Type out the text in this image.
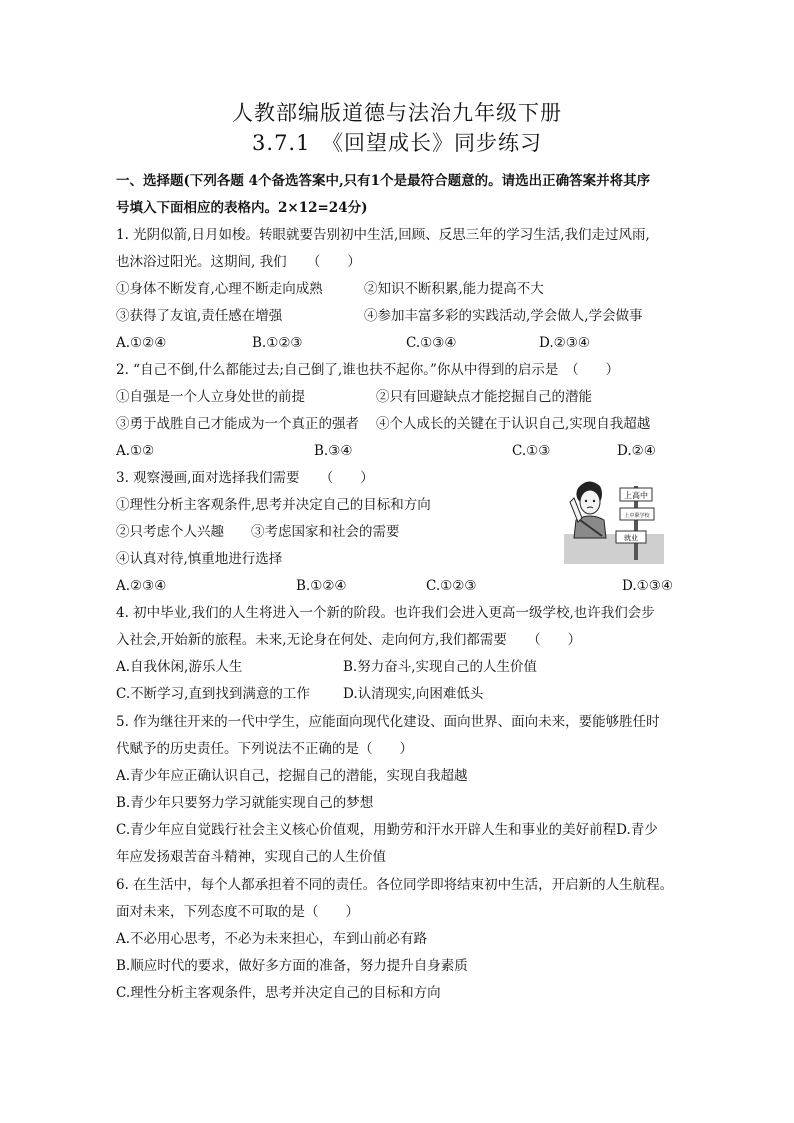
人教部编版道德与法治九年级下册
3.7.1　《回望成长》同步练习
一、选择题(下列各题 4个备选答案中,只有1个是最符合题意的。请选出正确答案并将其序
号填入下面相应的表格内。2×12=24分)
1. 光阴似箭,日月如梭。转眼就要告别初中生活,回顾、反思三年的学习生活,我们走过风雨,
也沐浴过阳光。这期间, 我们　　（　　）
①身体不断发育,心理不断走向成熟	②知识不断积累,能力提高不大
③获得了友谊,责任感在增强	④参加丰富多彩的实践活动,学会做人,学会做事
A.①②④	B.①②③	C.①③④	D.②③④
2. “自己不倒,什么都能过去;自己倒了,谁也扶不起你。”你从中得到的启示是　（　　）
①自强是一个人立身处世的前提	②只有回避缺点才能挖掘自己的潜能
③勇于战胜自己才能成为一个真正的强者 ④个人成长的关键在于认识自己,实现自我超越
A.①②	B.③④	C.①③	D.②④
3. 观察漫画,面对选择我们需要　　（　　）
①理性分析主客观条件,思考并决定自己的目标和方向
②只考虑个人兴趣　　③考虑国家和社会的需要
④认真对待,慎重地进行选择
A.②③④	B.①②④	C.①②③	D.①③④
上高中
上中职学校
就业
4. 初中毕业,我们的人生将进入一个新的阶段。也许我们会进入更高一级学校,也许我们会步
入社会,开始新的旅程。未来,无论身在何处、走向何方,我们都需要　　（　　）
A.自我休闲,游乐人生	B.努力奋斗,实现自己的人生价值
C.不断学习,直到找到满意的工作 D.认清现实,向困难低头
5. 作为继往开来的一代中学生，应能面向现代化建设、面向世界、面向未来，要能够胜任时
代赋予的历史责任。下列说法不正确的是（　　）
A.青少年应正确认识自己，挖掘自己的潜能，实现自我超越
B.青少年只要努力学习就能实现自己的梦想
C.青少年应自觉践行社会主义核心价值观，用勤劳和汗水开辟人生和事业的美好前程D.青少
年应发扬艰苦奋斗精神，实现自己的人生价值
6. 在生活中，每个人都承担着不同的责任。各位同学即将结束初中生活，开启新的人生航程。
面对未来，下列态度不可取的是（　　）
A.不必用心思考，不必为未来担心，车到山前必有路
B.顺应时代的要求，做好多方面的准备，努力提升自身素质
C.理性分析主客观条件，思考并决定自己的目标和方向
